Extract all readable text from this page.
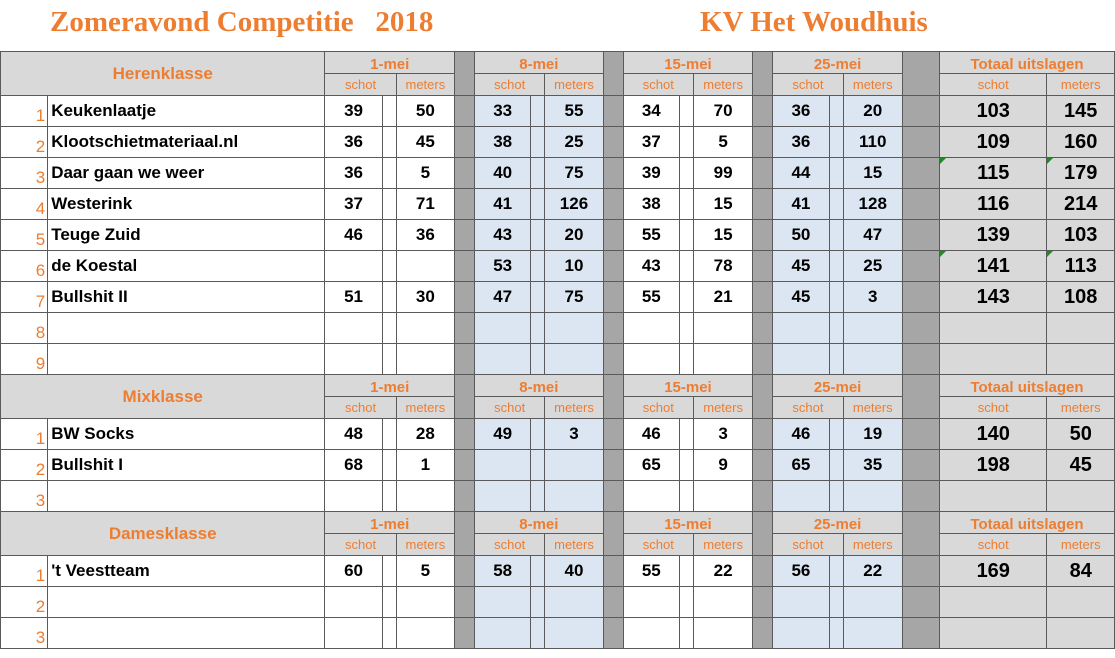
Zomeravond Competitie   2018	KV Het Woudhuis
Herenklasse		1-mei				8-mei				15-mei				25-mei				Totaal uitslagen	
		schot		meters		schot		meters		schot		meters		schot		meters		schot	meters
1	Keukenlaatje	39		50		33		55		34		70		36		20		103	145
2	Klootschietmateriaal.nl	36		45		38		25		37		5		36		110		109	160
3	Daar gaan we weer	36		5		40		75		39		99		44		15		115	179
4	Westerink	37		71		41		126		38		15		41		128		116	214
5	Teuge Zuid	46		36		43		20		55		15		50		47		139	103
6	de Koestal					53		10		43		78		45		25		141	113
7	Bullshit II	51		30		47		75		55		21		45		3		143	108
8																			
9																			
Mixklasse		1-mei				8-mei				15-mei				25-mei				Totaal uitslagen	
		schot		meters		schot		meters		schot		meters		schot		meters		schot	meters
1	BW Socks	48		28		49		3		46		3		46		19		140	50
2	Bullshit I	68		1						65		9		65		35		198	45
3																			
Damesklasse		1-mei				8-mei				15-mei				25-mei				Totaal uitslagen	
		schot		meters		schot		meters		schot		meters		schot		meters		schot	meters
1	't Veestteam	60		5		58		40		55		22		56		22		169	84
2																			
3																			
